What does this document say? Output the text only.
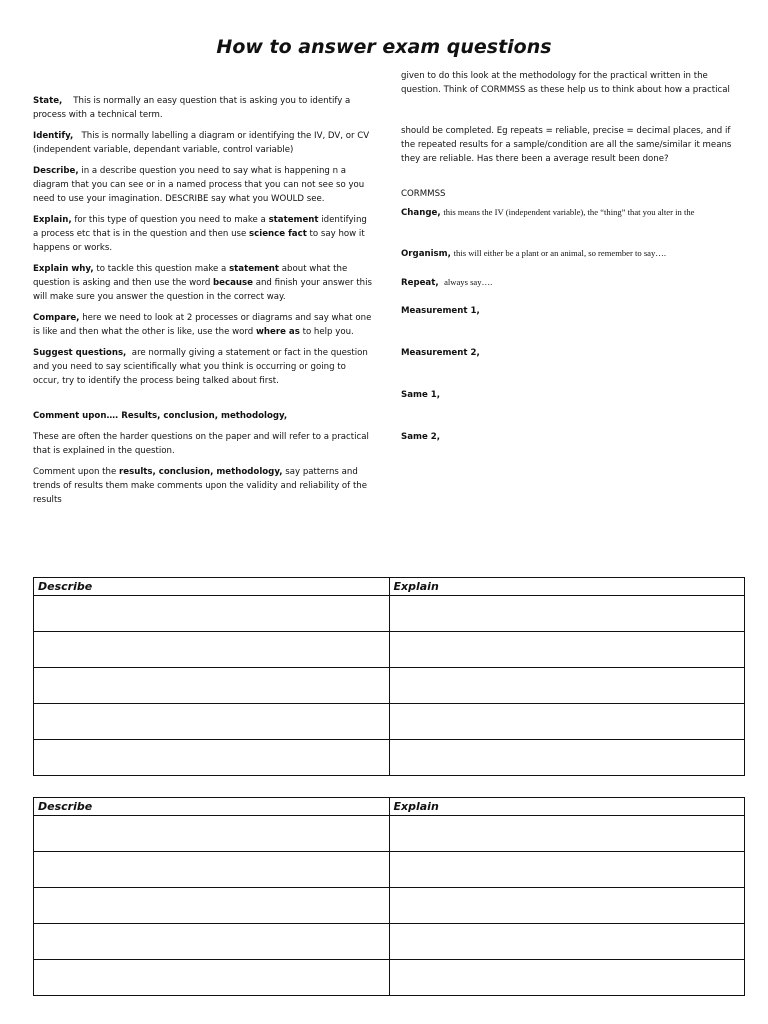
How to answer exam questions

State, This is normally an easy question that is asking you to identify a process with a technical term.

Identify, This is normally labelling a diagram or identifying the IV, DV, or CV (independent variable, dependant variable, control variable)

Describe, in a describe question you need to say what is happening n a diagram that you can see or in a named process that you can not see so you need to use your imagination. DESCRIBE say what you WOULD see.

Explain, for this type of question you need to make a statement identifying a process etc that is in the question and then use science fact to say how it happens or works.

Explain why, to tackle this question make a statement about what the question is asking and then use the word because and finish your answer this will make sure you answer the question in the correct way.

Compare, here we need to look at 2 processes or diagrams and say what one is like and then what the other is like, use the word where as to help you.

Suggest questions, are normally giving a statement or fact in the question and you need to say scientifically what you think is occurring or going to occur, try to identify the process being talked about first.

Comment upon…. Results, conclusion, methodology,

These are often the harder questions on the paper and will refer to a practical that is explained in the question.

Comment upon the results, conclusion, methodology, say patterns and trends of results them make comments upon the validity and reliability of the results

given to do this look at the methodology for the practical written in the question. Think of CORMMSS as these help us to think about how a practical

should be completed. Eg repeats = reliable, precise = decimal places, and if the repeated results for a sample/condition are all the same/similar it means they are reliable. Has there been a average result been done?

CORMMSS

Change, this means the IV (independent variable), the “thing” that you alter in the

Organism, this will either be a plant or an animal, so remember to say….

Repeat, always say….

Measurement 1,

Measurement 2,

Same 1,

Same 2,

Describe	Explain

Describe	Explain
